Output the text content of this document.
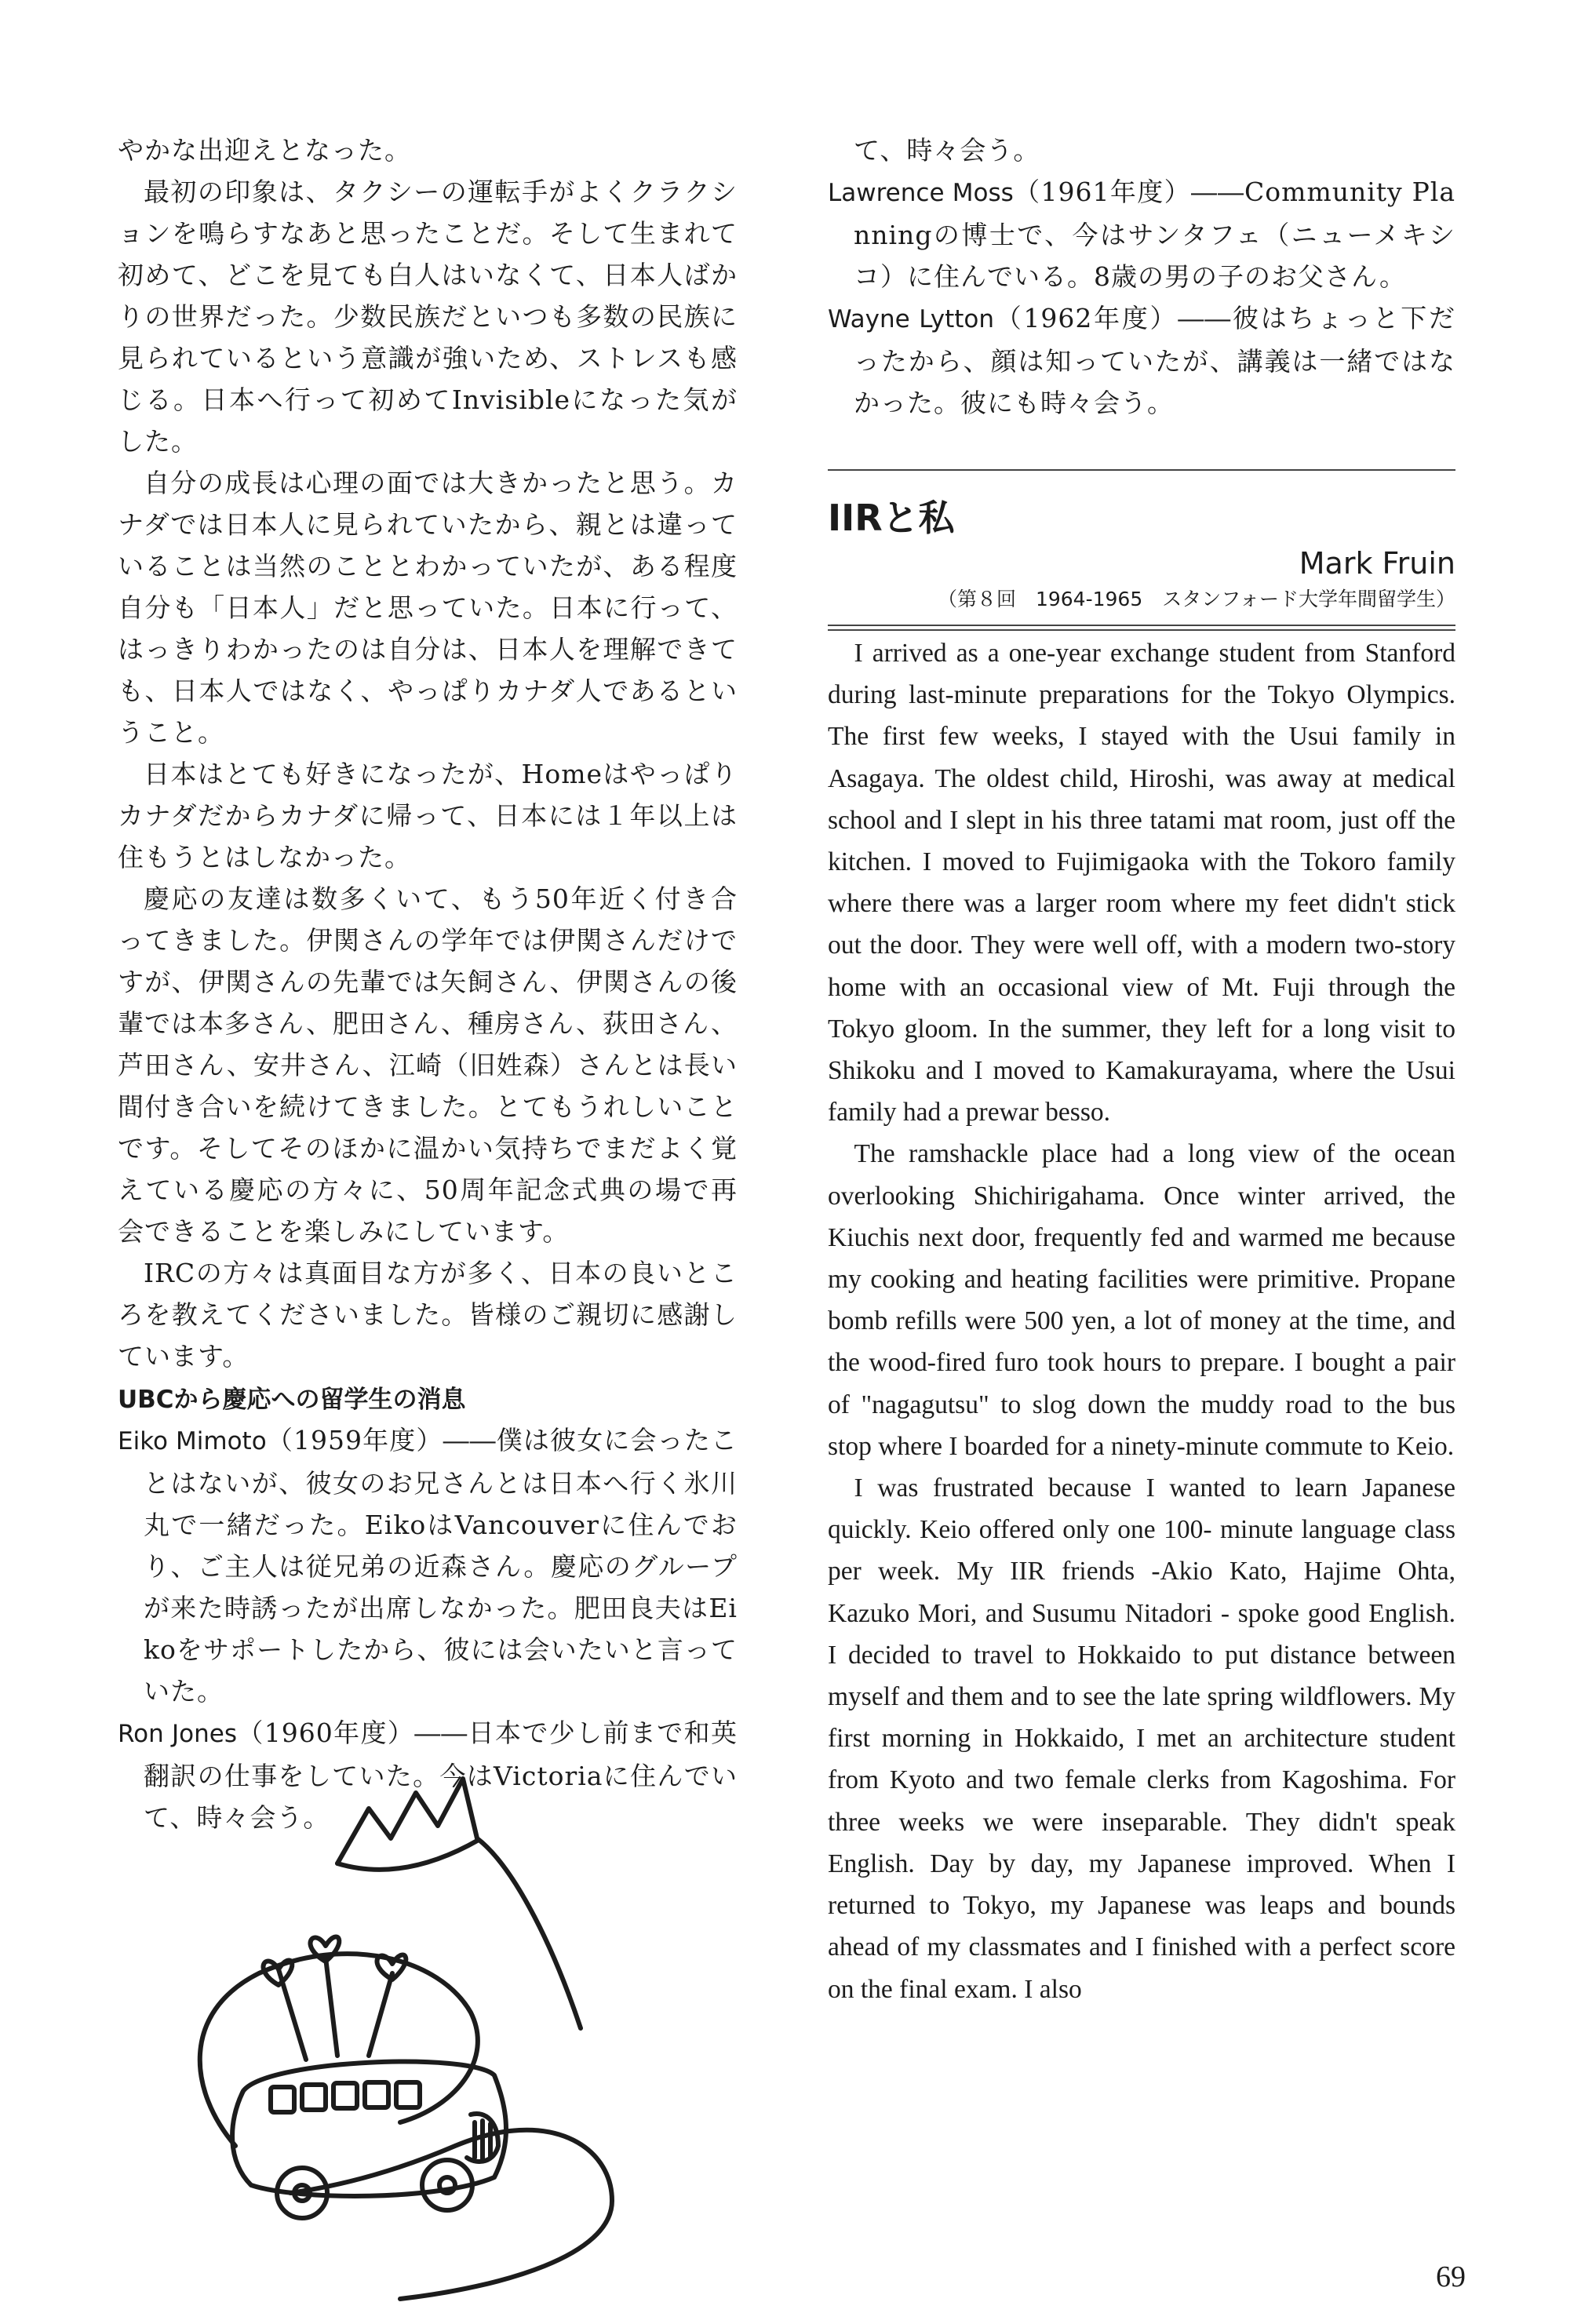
やかな出迎えとなった。

最初の印象は、タクシーの運転手がよくクラクションを鳴らすなあと思ったことだ。そして生まれて初めて、どこを見ても白人はいなくて、日本人ばかりの世界だった。少数民族だといつも多数の民族に見られているという意識が強いため、ストレスも感じる。日本へ行って初めてInvisibleになった気がした。

自分の成長は心理の面では大きかったと思う。カナダでは日本人に見られていたから、親とは違っていることは当然のこととわかっていたが、ある程度自分も「日本人」だと思っていた。日本に行って、はっきりわかったのは自分は、日本人を理解できても、日本人ではなく、やっぱりカナダ人であるということ。

日本はとても好きになったが、Homeはやっぱりカナダだからカナダに帰って、日本には１年以上は住もうとはしなかった。

慶応の友達は数多くいて、もう50年近く付き合ってきました。伊関さんの学年では伊関さんだけですが、伊関さんの先輩では矢飼さん、伊関さんの後輩では本多さん、肥田さん、種房さん、荻田さん、芦田さん、安井さん、江崎（旧姓森）さんとは長い間付き合いを続けてきました。とてもうれしいことです。そしてそのほかに温かい気持ちでまだよく覚えている慶応の方々に、50周年記念式典の場で再会できることを楽しみにしています。

IRCの方々は真面目な方が多く、日本の良いところを教えてくださいました。皆様のご親切に感謝しています。

UBCから慶応への留学生の消息

Eiko Mimoto（1959年度）――僕は彼女に会ったことはないが、彼女のお兄さんとは日本へ行く氷川丸で一緒だった。EikoはVancouverに住んでおり、ご主人は従兄弟の近森さん。慶応のグループが来た時誘ったが出席しなかった。肥田良夫はEikoをサポートしたから、彼には会いたいと言っていた。

Ron Jones（1960年度）――日本で少し前まで和英翻訳の仕事をしていた。今はVictoriaに住んでいて、時々会う。

て、時々会う。

Lawrence Moss（1961年度）――Community Planningの博士で、今はサンタフェ（ニューメキシコ）に住んでいる。8歳の男の子のお父さん。

Wayne Lytton（1962年度）――彼はちょっと下だったから、顔は知っていたが、講義は一緒ではなかった。彼にも時々会う。

IIRと私
Mark Fruin
（第８回　1964-1965　スタンフォード大学年間留学生）

I arrived as a one-year exchange student from Stanford during last-minute preparations for the Tokyo Olympics. The first few weeks, I stayed with the Usui family in Asagaya. The oldest child, Hiroshi, was away at medical school and I slept in his three tatami mat room, just off the kitchen. I moved to Fujimigaoka with the Tokoro family where there was a larger room where my feet didn't stick out the door. They were well off, with a modern two-story home with an occasional view of Mt. Fuji through the Tokyo gloom. In the summer, they left for a long visit to Shikoku and I moved to Kamakurayama, where the Usui family had a prewar besso.

The ramshackle place had a long view of the ocean overlooking Shichirigahama. Once winter arrived, the Kiuchis next door, frequently fed and warmed me because my cooking and heating facilities were primitive. Propane bomb refills were 500 yen, a lot of money at the time, and the wood-fired furo took hours to prepare. I bought a pair of "nagagutsu" to slog down the muddy road to the bus stop where I boarded for a ninety-minute commute to Keio.

I was frustrated because I wanted to learn Japanese quickly. Keio offered only one 100- minute language class per week. My IIR friends -Akio Kato, Hajime Ohta, Kazuko Mori, and Susumu Nitadori - spoke good English. I decided to travel to Hokkaido to put distance between myself and them and to see the late spring wildflowers. My first morning in Hokkaido, I met an architecture student from Kyoto and two female clerks from Kagoshima. For three weeks we were inseparable. They didn't speak English. Day by day, my Japanese improved. When I returned to Tokyo, my Japanese was leaps and bounds ahead of my classmates and I finished with a perfect score on the final exam. I also

69
